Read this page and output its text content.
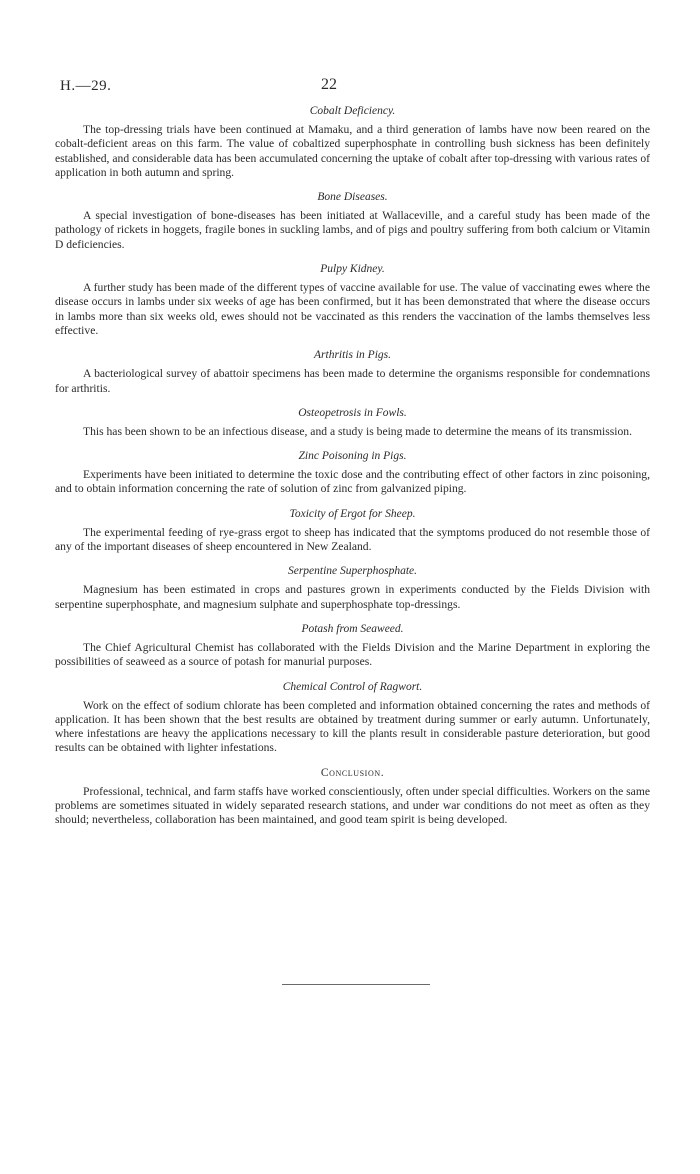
H.—29.	22

Cobalt Deficiency.

The top-dressing trials have been continued at Mamaku, and a third generation of lambs have now been reared on the cobalt-deficient areas on this farm. The value of cobaltized superphosphate in controlling bush sickness has been definitely established, and considerable data has been accumulated concerning the uptake of cobalt after top-dressing with various rates of application in both autumn and spring.

Bone Diseases.

A special investigation of bone-diseases has been initiated at Wallaceville, and a careful study has been made of the pathology of rickets in hoggets, fragile bones in suckling lambs, and of pigs and poultry suffering from both calcium or Vitamin D deficiencies.

Pulpy Kidney.

A further study has been made of the different types of vaccine available for use. The value of vaccinating ewes where the disease occurs in lambs under six weeks of age has been confirmed, but it has been demonstrated that where the disease occurs in lambs more than six weeks old, ewes should not be vaccinated as this renders the vaccination of the lambs themselves less effective.

Arthritis in Pigs.

A bacteriological survey of abattoir specimens has been made to determine the organisms responsible for condemnations for arthritis.

Osteopetrosis in Fowls.

This has been shown to be an infectious disease, and a study is being made to determine the means of its transmission.

Zinc Poisoning in Pigs.

Experiments have been initiated to determine the toxic dose and the contributing effect of other factors in zinc poisoning, and to obtain information concerning the rate of solution of zinc from galvanized piping.

Toxicity of Ergot for Sheep.

The experimental feeding of rye-grass ergot to sheep has indicated that the symptoms produced do not resemble those of any of the important diseases of sheep encountered in New Zealand.

Serpentine Superphosphate.

Magnesium has been estimated in crops and pastures grown in experiments conducted by the Fields Division with serpentine superphosphate, and magnesium sulphate and superphosphate top-dressings.

Potash from Seaweed.

The Chief Agricultural Chemist has collaborated with the Fields Division and the Marine Department in exploring the possibilities of seaweed as a source of potash for manurial purposes.

Chemical Control of Ragwort.

Work on the effect of sodium chlorate has been completed and information obtained concerning the rates and methods of application. It has been shown that the best results are obtained by treatment during summer or early autumn. Unfortunately, where infestations are heavy the applications necessary to kill the plants result in considerable pasture deterioration, but good results can be obtained with lighter infestations.

Conclusion.

Professional, technical, and farm staffs have worked conscientiously, often under special difficulties. Workers on the same problems are sometimes situated in widely separated research stations, and under war conditions do not meet as often as they should; nevertheless, collaboration has been maintained, and good team spirit is being developed.
